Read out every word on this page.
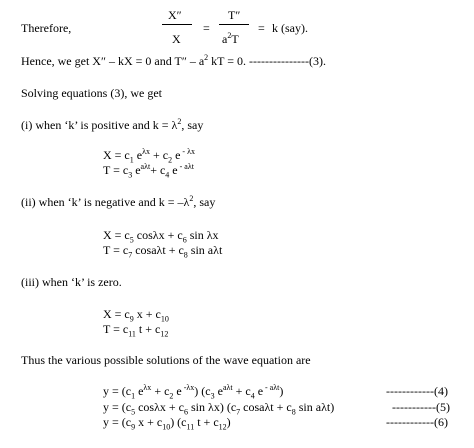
Therefore,
X″
X
=
T″
$a^2T$
= k (say).
Hence, we get X″ – kX = 0 and $T'' - a^2$ kT = 0. ---------------(3).
Solving equations (3), we get
(i) when ‘k’ is positive and $k = \lambda^2$, say
$X = c_1$ $e^{\lambda x} + c_2$ e $^{- \lambda x}$
$T = c_3$ $e^{a\lambda t}+ c_4$ e $^{- a\lambda t}$
(ii) when ‘k’ is negative and $k = -\lambda^2$, say
$X = c_5$ $\cos\lambda x + c_6$ sin λx
$T = c_7$ $\cos a\lambda t + c_8$ sin aλt
(iii) when ‘k’ is zero.
$X = c_9$ $x + c_{10}$
$T = c_{11}$ $t + c_{12}$
Thus the various possible solutions of the wave equation are
$y = (c_1$ $e^{\lambda x} + c_2$ e $^{-\lambda x}$) ($c_3$ $e^{a\lambda t} + c_4$ e $^{- a\lambda t}$)	------------(4)
$y = (c_5$ $\cos\lambda x + c_6$ sin λx) ($c_7$ $\cos a\lambda t + c_8$ sin aλt)	-----------(5)
$y = (c_9$ $x + c_{10}$) ($c_{11}$ $t + c_{12}$)	------------(6)
